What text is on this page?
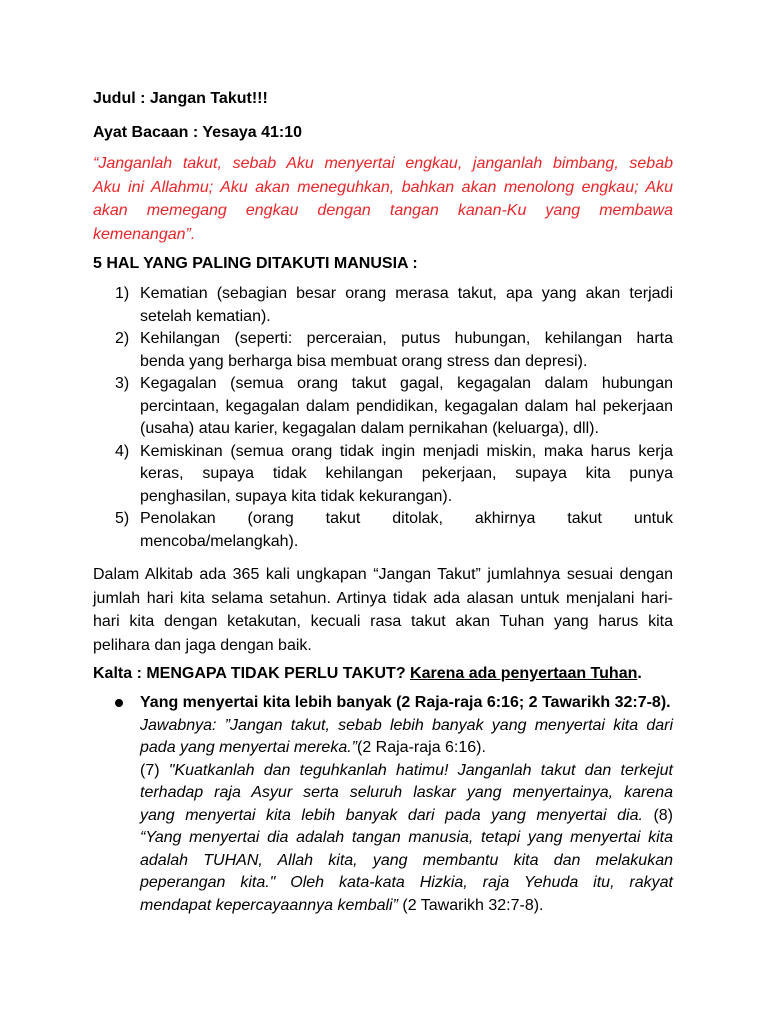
Judul : Jangan Takut!!!
Ayat Bacaan : Yesaya 41:10
“Janganlah takut, sebab Aku menyertai engkau, janganlah bimbang, sebab
Aku ini Allahmu; Aku akan meneguhkan, bahkan akan menolong engkau; Aku
akan memegang engkau dengan tangan kanan-Ku yang membawa
kemenangan”.
5 HAL YANG PALING DITAKUTI MANUSIA :
1) Kematian (sebagian besar orang merasa takut, apa yang akan terjadi
setelah kematian).
2) Kehilangan (seperti: perceraian, putus hubungan, kehilangan harta
benda yang berharga bisa membuat orang stress dan depresi).
3) Kegagalan (semua orang takut gagal, kegagalan dalam hubungan
percintaan, kegagalan dalam pendidikan, kegagalan dalam hal pekerjaan
(usaha) atau karier, kegagalan dalam pernikahan (keluarga), dll).
4) Kemiskinan (semua orang tidak ingin menjadi miskin, maka harus kerja
keras, supaya tidak kehilangan pekerjaan, supaya kita punya
penghasilan, supaya kita tidak kekurangan).
5) Penolakan (orang takut ditolak, akhirnya takut untuk
mencoba/melangkah).
Dalam Alkitab ada 365 kali ungkapan “Jangan Takut” jumlahnya sesuai dengan
jumlah hari kita selama setahun. Artinya tidak ada alasan untuk menjalani hari-
hari kita dengan ketakutan, kecuali rasa takut akan Tuhan yang harus kita
pelihara dan jaga dengan baik.
Kalta : MENGAPA TIDAK PERLU TAKUT? Karena ada penyertaan Tuhan.
Yang menyertai kita lebih banyak (2 Raja-raja 6:16; 2 Tawarikh 32:7-8).
Jawabnya: ”Jangan takut, sebab lebih banyak yang menyertai kita dari
pada yang menyertai mereka.”(2 Raja-raja 6:16).
(7) "Kuatkanlah dan teguhkanlah hatimu! Janganlah takut dan terkejut
terhadap raja Asyur serta seluruh laskar yang menyertainya, karena
yang menyertai kita lebih banyak dari pada yang menyertai dia. (8)
“Yang menyertai dia adalah tangan manusia, tetapi yang menyertai kita
adalah TUHAN, Allah kita, yang membantu kita dan melakukan
peperangan kita." Oleh kata-kata Hizkia, raja Yehuda itu, rakyat
mendapat kepercayaannya kembali” (2 Tawarikh 32:7-8).
